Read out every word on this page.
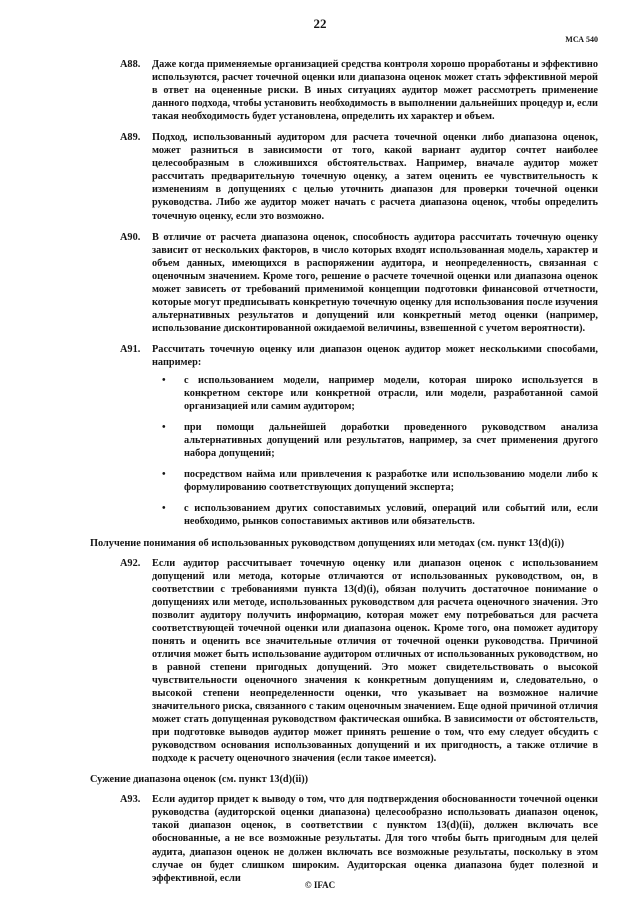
22
МСА 540
A88. Даже когда применяемые организацией средства контроля хорошо проработаны и эффективно используются, расчет точечной оценки или диапазона оценок может стать эффективной мерой в ответ на оцененные риски. В иных ситуациях аудитор может рассмотреть применение данного подхода, чтобы установить необходимость в выполнении дальнейших процедур и, если такая необходимость будет установлена, определить их характер и объем.

A89. Подход, использованный аудитором для расчета точечной оценки либо диапазона оценок, может разниться в зависимости от того, какой вариант аудитор сочтет наиболее целесообразным в сложившихся обстоятельствах. Например, вначале аудитор может рассчитать предварительную точечную оценку, а затем оценить ее чувствительность к изменениям в допущениях с целью уточнить диапазон для проверки точечной оценки руководства. Либо же аудитор может начать с расчета диапазона оценок, чтобы определить точечную оценку, если это возможно.

A90. В отличие от расчета диапазона оценок, способность аудитора рассчитать точечную оценку зависит от нескольких факторов, в число которых входят использованная модель, характер и объем данных, имеющихся в распоряжении аудитора, и неопределенность, связанная с оценочным значением. Кроме того, решение о расчете точечной оценки или диапазона оценок может зависеть от требований применимой концепции подготовки финансовой отчетности, которые могут предписывать конкретную точечную оценку для использования после изучения альтернативных результатов и допущений или конкретный метод оценки (например, использование дисконтированной ожидаемой величины, взвешенной с учетом вероятности).

A91. Рассчитать точечную оценку или диапазон оценок аудитор может несколькими способами, например:

• с использованием модели, например модели, которая широко используется в конкретном секторе или конкретной отрасли, или модели, разработанной самой организацией или самим аудитором;
• при помощи дальнейшей доработки проведенного руководством анализа альтернативных допущений или результатов, например, за счет применения другого набора допущений;
• посредством найма или привлечения к разработке или использованию модели либо к формулированию соответствующих допущений эксперта;
• с использованием других сопоставимых условий, операций или событий или, если необходимо, рынков сопоставимых активов или обязательств.
Получение понимания об использованных руководством допущениях или методах (см. пункт 13(d)(i))
A92. Если аудитор рассчитывает точечную оценку или диапазон оценок с использованием допущений или метода, которые отличаются от использованных руководством, он, в соответствии с требованиями пункта 13(d)(i), обязан получить достаточное понимание о допущениях или методе, использованных руководством для расчета оценочного значения. Это позволит аудитору получить информацию, которая может ему потребоваться для расчета соответствующей точечной оценки или диапазона оценок. Кроме того, она поможет аудитору понять и оценить все значительные отличия от точечной оценки руководства. Причиной отличия может быть использование аудитором отличных от использованных руководством, но в равной степени пригодных допущений. Это может свидетельствовать о высокой чувствительности оценочного значения к конкретным допущениям и, следовательно, о высокой степени неопределенности оценки, что указывает на возможное наличие значительного риска, связанного с таким оценочным значением. Еще одной причиной отличия может стать допущенная руководством фактическая ошибка. В зависимости от обстоятельств, при подготовке выводов аудитор может принять решение о том, что ему следует обсудить с руководством основания использованных допущений и их пригодность, а также отличие в подходе к расчету оценочного значения (если такое имеется).

Сужение диапазона оценок (см. пункт 13(d)(ii))
A93. Если аудитор придет к выводу о том, что для подтверждения обоснованности точечной оценки руководства (аудиторской оценки диапазона) целесообразно использовать диапазон оценок, такой диапазон оценок, в соответствии с пунктом 13(d)(ii), должен включать все обоснованные, а не все возможные результаты. Для того чтобы быть пригодным для целей аудита, диапазон оценок не должен включать все возможные результаты, поскольку в этом случае он будет слишком широким. Аудиторская оценка диапазона будет полезной и эффективной, если

© IFAC
